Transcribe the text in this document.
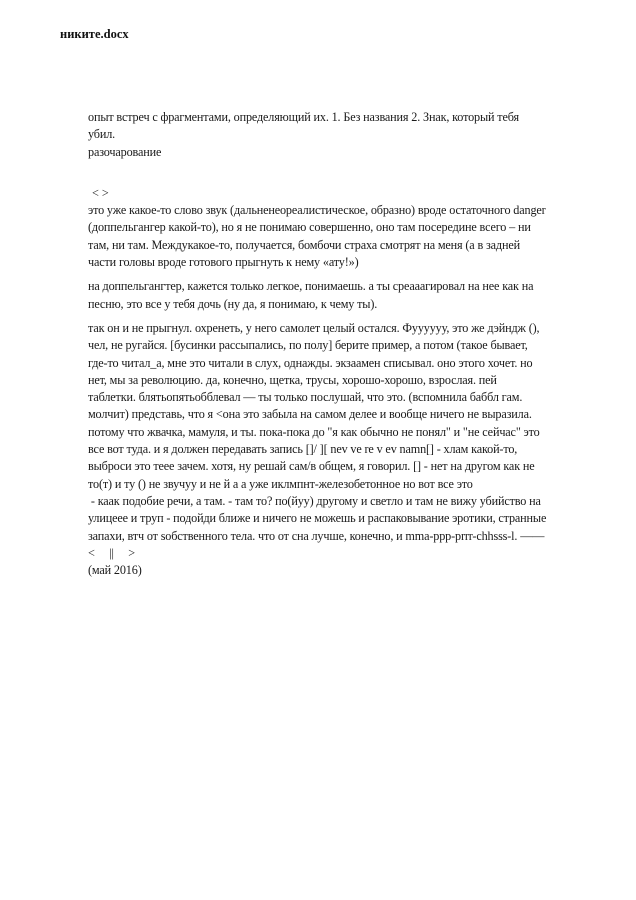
никите.docx
опыт встреч с фрагментами, определяющий их. 1. Без названия 2. Знак, который тебя
убил.
разочарование
< >
это уже какое-то слово звук (дальненеореалистическое, образно) вроде остаточного danger
(доппельгангер какой-то), но я не понимаю совершенно, оно там посередине всего – ни
там, ни там. Междукакое-то, получается, бомбочи страха смотрят на меня (а в задней
части головы вроде готового прыгнуть к нему «ату!»)
на доппельгангтер, кажется только легкое, понимаешь. а ты среааагировал на нее как на
песню, это все у тебя дочь (ну да, я понимаю, к чему ты).
так он и не прыгнул. охренеть, у него самолет целый остался. Фуууууу, это же дэйндж (),
чел, не ругайся. [бусинки рассыпались, по полу] берите пример, а потом (такое бывает,
где-то читал_а, мне это читали в слух, однажды. экзаамен списывал. оно этого хочет. но
нет, мы за революцию. да, конечно, щетка, трусы, хорошо-хорошо, взрослая. пей
таблетки. блятьопятьобблевал — ты только послушай, что это. (вспомнила баббл гам.
молчит) представь, что я <она это забыла на самом делее и вообще ничего не выразила.
потому что жвачка, мамуля, и ты. пока-пока до "я как обычно не понял" и "не сейчас" это
все вот туда. и я должен передавать запись []/ ][ nev ve re v ev namn[] - хлам какой-то,
выброси это теее зачем. хотя, ну решай сам/в общем, я говорил. [] - нет на другом как не
то(т) и ту () не звучуу и не й а а уже иклмпнт-железобетонное но вот все это
- каак подобие речи, а там. - там то? по(йуу) другому и светло и там не вижу убийство на
улицеее и труп - подойди ближе и ничего не можешь и распаковывание эротики, странные
запахи, втч от sобственного тела. что от сна лучше, конечно, и mma-ppp-prrr-chhsss-l. ——
<     ||     >
(май 2016)
